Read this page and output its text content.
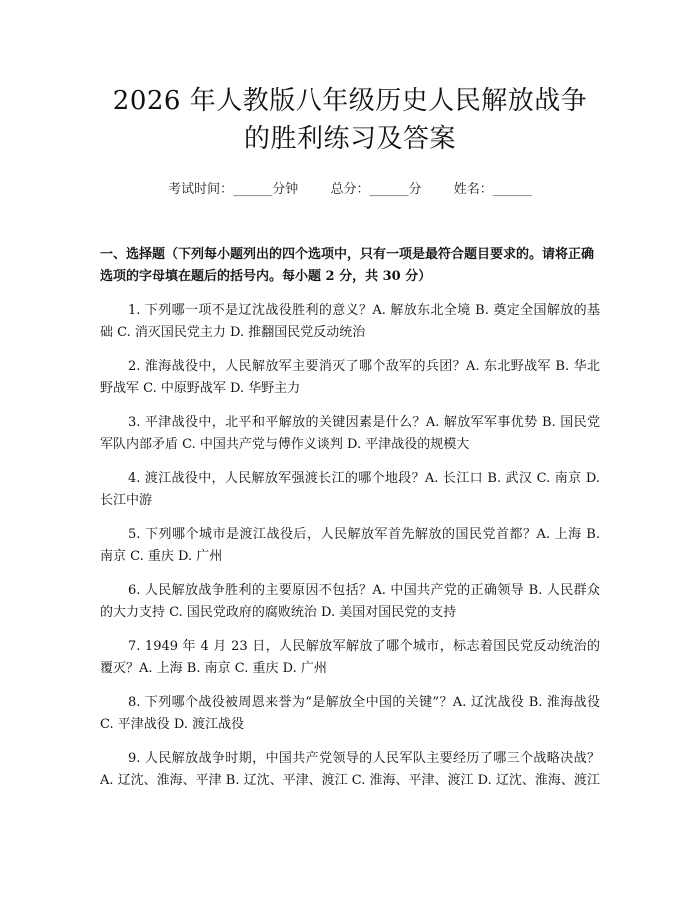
2026 年人教版八年级历史人民解放战争的胜利练习及答案
考试时间：______分钟 总分：______分 姓名：______
一、选择题（下列每小题列出的四个选项中，只有一项是最符合题目要求的。请将正确选项的字母填在题后的括号内。每小题 2 分，共 30 分）

1. 下列哪一项不是辽沈战役胜利的意义？A. 解放东北全境 B. 奠定全国解放的基础 C. 消灭国民党主力 D. 推翻国民党反动统治

2. 淮海战役中，人民解放军主要消灭了哪个敌军的兵团？A. 东北野战军 B. 华北野战军 C. 中原野战军 D. 华野主力

3. 平津战役中，北平和平解放的关键因素是什么？A. 解放军军事优势 B. 国民党军队内部矛盾 C. 中国共产党与傅作义谈判 D. 平津战役的规模大

4. 渡江战役中，人民解放军强渡长江的哪个地段？A. 长江口 B. 武汉 C. 南京 D. 长江中游

5. 下列哪个城市是渡江战役后，人民解放军首先解放的国民党首都？A. 上海 B. 南京 C. 重庆 D. 广州

6. 人民解放战争胜利的主要原因不包括？A. 中国共产党的正确领导 B. 人民群众的大力支持 C. 国民党政府的腐败统治 D. 美国对国民党的支持

7. 1949 年 4 月 23 日，人民解放军解放了哪个城市，标志着国民党反动统治的覆灭？A. 上海 B. 南京 C. 重庆 D. 广州

8. 下列哪个战役被周恩来誉为“是解放全中国的关键”？A. 辽沈战役 B. 淮海战役 C. 平津战役 D. 渡江战役

9. 人民解放战争时期，中国共产党领导的人民军队主要经历了哪三个战略决战？A. 辽沈、淮海、平津 B. 辽沈、平津、渡江 C. 淮海、平津、渡江 D. 辽沈、淮海、渡江
